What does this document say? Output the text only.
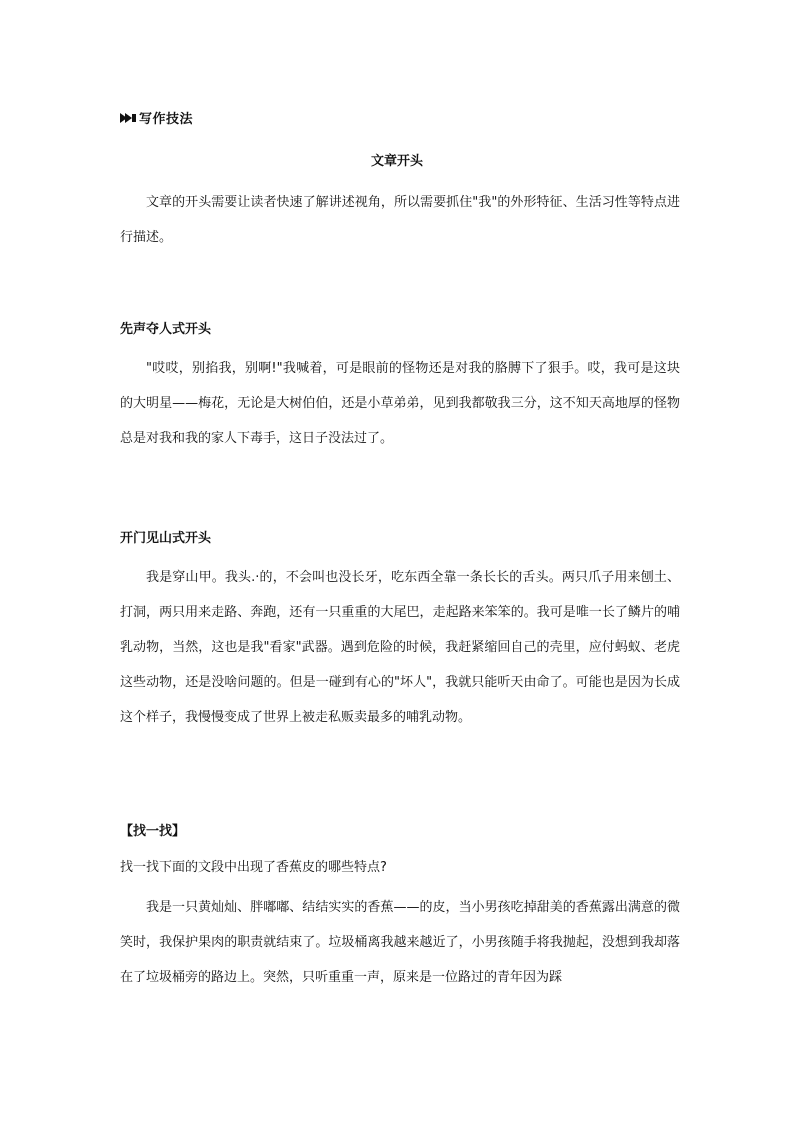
写作技法
文章开头
文章的开头需要让读者快速了解讲述视角，所以需要抓住"我"的外形特征、生活习性等特点进行描述。
先声夺人式开头
"哎哎，别掐我，别啊!"我喊着，可是眼前的怪物还是对我的胳膊下了狠手。哎，我可是这块的大明星——梅花，无论是大树伯伯，还是小草弟弟，见到我都敬我三分，这不知天高地厚的怪物总是对我和我的家人下毒手，这日子没法过了。
开门见山式开头
我是穿山甲。我头.·的，不会叫也没长牙，吃东西全靠一条长长的舌头。两只爪子用来刨土、打洞，两只用来走路、奔跑，还有一只重重的大尾巴，走起路来笨笨的。我可是唯一长了鳞片的哺乳动物，当然，这也是我"看家"武器。遇到危险的时候，我赶紧缩回自己的壳里，应付蚂蚁、老虎这些动物，还是没啥问题的。但是一碰到有心的"坏人"，我就只能听天由命了。可能也是因为长成这个样子，我慢慢变成了世界上被走私贩卖最多的哺乳动物。
【找一找】
找一找下面的文段中出现了香蕉皮的哪些特点?
我是一只黄灿灿、胖嘟嘟、结结实实的香蕉——的皮，当小男孩吃掉甜美的香蕉露出满意的微笑时，我保护果肉的职责就结束了。垃圾桶离我越来越近了，小男孩随手将我抛起，没想到我却落在了垃圾桶旁的路边上。突然，只听重重一声，原来是一位路过的青年因为踩
